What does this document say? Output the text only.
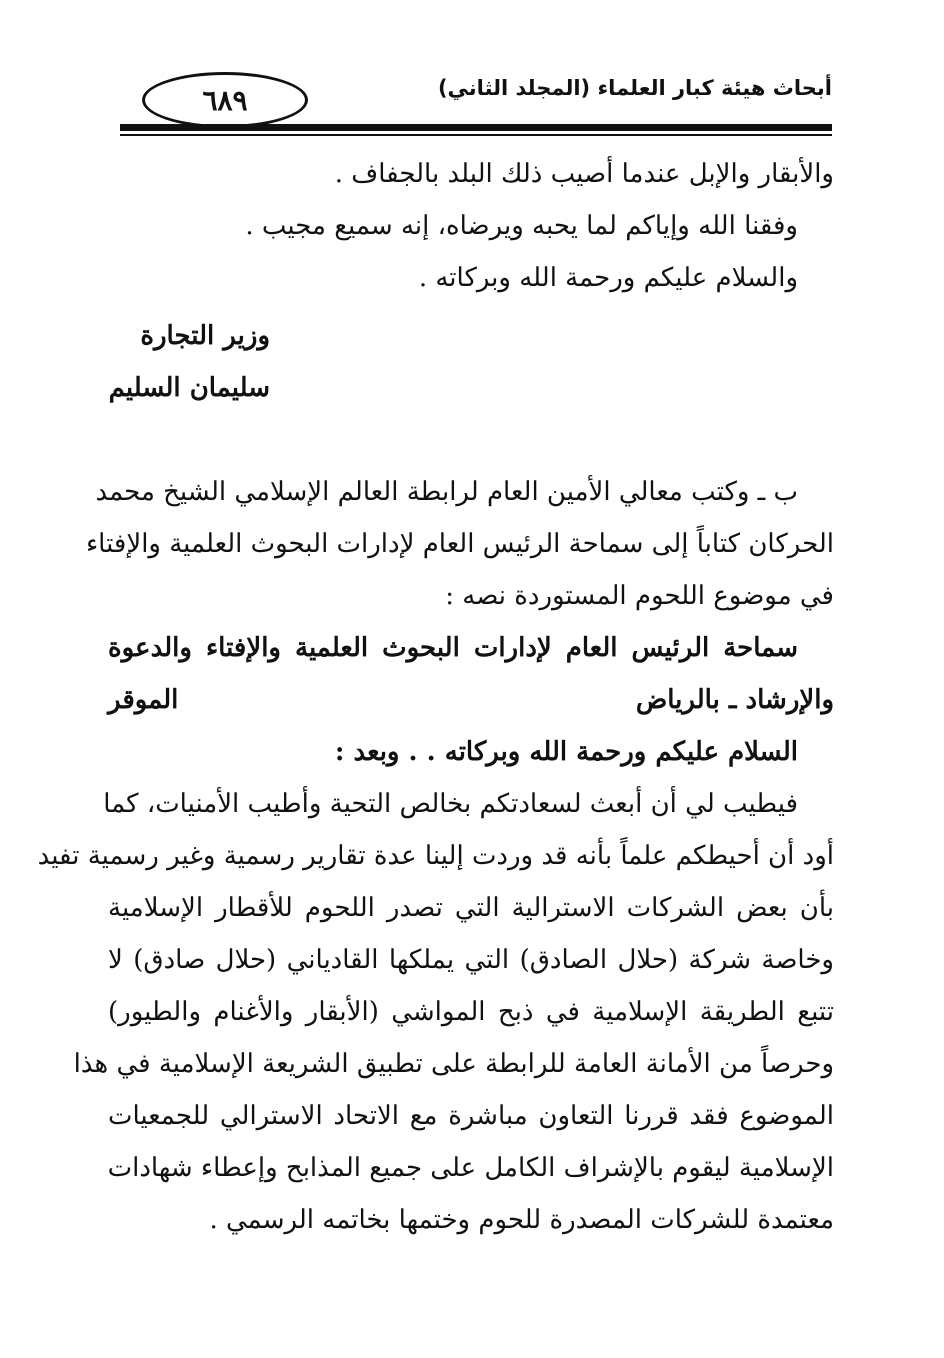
٦٨٩	أبحاث هيئة كبار العلماء (المجلد الثاني)
والأبقار والإبل عندما أصيب ذلك البلد بالجفاف .
وفقنا الله وإياكم لما يحبه ويرضاه، إنه سميع مجيب .
والسلام عليكم ورحمة الله وبركاته .
وزير التجارة
سليمان السليم
ب ـ وكتب معالي الأمين العام لرابطة العالم الإسلامي الشيخ محمد
الحركان كتاباً إلى سماحة الرئيس العام لإدارات البحوث العلمية والإفتاء
في موضوع اللحوم المستوردة نصه :
سماحة الرئيس العام لإدارات البحوث العلمية والإفتاء والدعوة
والإرشاد ـ بالرياض
الموقر
السلام عليكم ورحمة الله وبركاته . . وبعد :
فيطيب لي أن أبعث لسعادتكم بخالص التحية وأطيب الأمنيات، كما
أود أن أحيطكم علماً بأنه قد وردت إلينا عدة تقارير رسمية وغير رسمية تفيد
بأن بعض الشركات الاسترالية التي تصدر اللحوم للأقطار الإسلامية
وخاصة شركة (حلال الصادق) التي يملكها القادياني (حلال صادق) لا
تتبع الطريقة الإسلامية في ذبح المواشي (الأبقار والأغنام والطيور)
وحرصاً من الأمانة العامة للرابطة على تطبيق الشريعة الإسلامية في هذا
الموضوع فقد قررنا التعاون مباشرة مع الاتحاد الاسترالي للجمعيات
الإسلامية ليقوم بالإشراف الكامل على جميع المذابح وإعطاء شهادات
معتمدة للشركات المصدرة للحوم وختمها بخاتمه الرسمي .
